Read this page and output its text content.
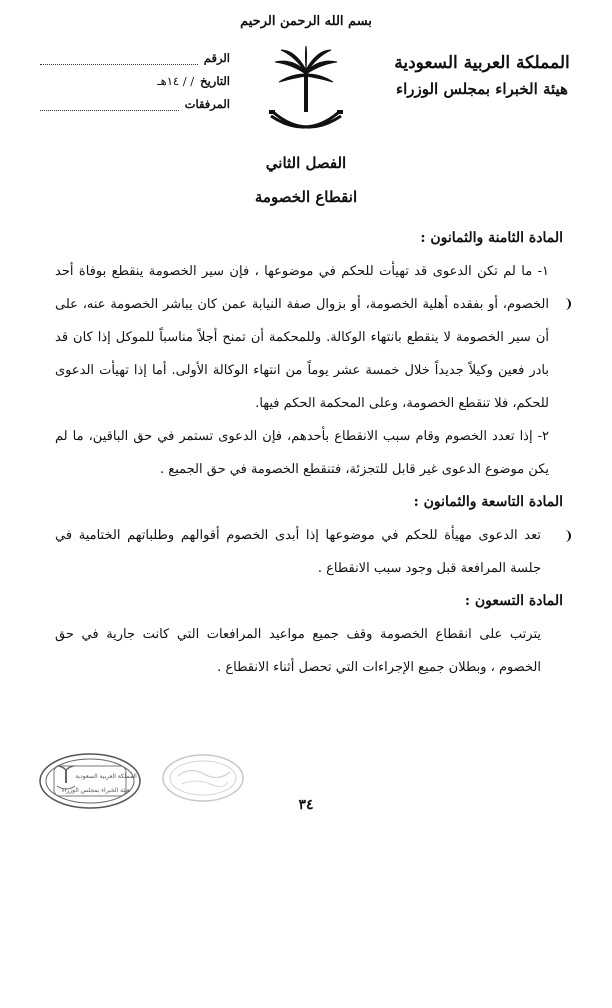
بسم الله الرحمن الرحيم
المملكة العربية السعودية
هيئة الخبراء بمجلس الوزراء
الرقم
التاريخ
/ / ١٤هـ
المرفقات
الفصل الثاني
انقطاع الخصومة

المادة الثامنة والثمانون :

١- ما لم تكن الدعوى قد تهيأت للحكم في موضوعها ، فإن سير الخصومة ينقطع بوفاة أحد الخصوم، أو بفقده أهلية الخصومة، أو بزوال صفة النيابة عمن كان يباشر الخصومة عنه، على أن سير الخصومة لا ينقطع بانتهاء الوكالة. وللمحكمة أن تمنح أجلاً مناسباً للموكل إذا كان قد بادر فعين وكيلاً جديداً خلال خمسة عشر يوماً من انتهاء الوكالة الأولى. أما إذا تهيأت الدعوى للحكم، فلا تنقطع الخصومة، وعلى المحكمة الحكم فيها.

٢- إذا تعدد الخصوم وقام سبب الانقطاع بأحدهم، فإن الدعوى تستمر في حق الباقين، ما لم يكن موضوع الدعوى غير قابل للتجزئة، فتنقطع الخصومة في حق الجميع .

المادة التاسعة والثمانون :

تعد الدعوى مهيأة للحكم في موضوعها إذا أبدى الخصوم أقوالهم وطلباتهم الختامية في جلسة المرافعة قبل وجود سبب الانقطاع .

المادة التسعون :

يترتب على انقطاع الخصومة وقف جميع مواعيد المرافعات التي كانت جارية في حق الخصوم ، وبطلان جميع الإجراءات التي تحصل أثناء الانقطاع .

المملكة العربية السعودية
هيئة الخبراء بمجلس الوزراء
٣٤
